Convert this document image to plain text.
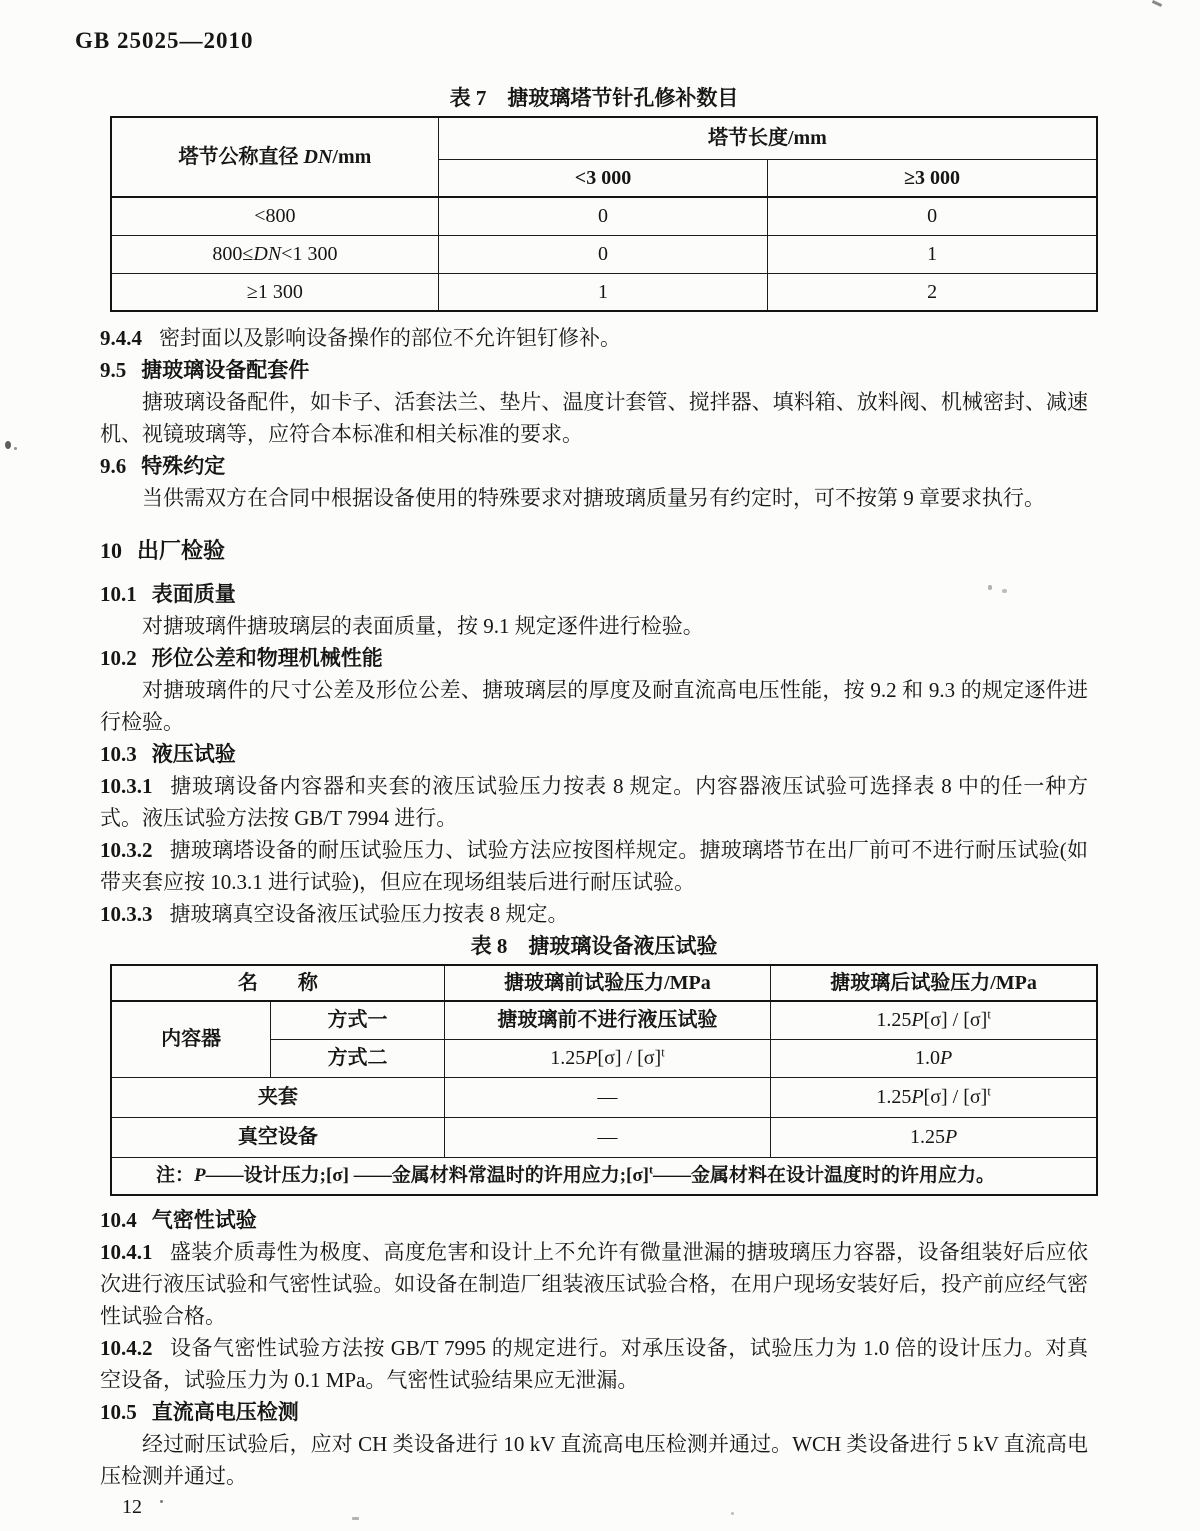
GB 25025—2010

表 7　搪玻璃塔节针孔修补数目

塔节公称直径 DN/mm	塔节长度/mm	
	<3 000	≥3 000
<800	0	0
800≤DN<1 300	0	1
≥1 300	1	2

9.4.4 密封面以及影响设备操作的部位不允许钽钉修补。

9.5 搪玻璃设备配套件

搪玻璃设备配件，如卡子、活套法兰、垫片、温度计套管、搅拌器、填料箱、放料阀、机械密封、减速机、视镜玻璃等，应符合本标准和相关标准的要求。

9.6 特殊约定

当供需双方在合同中根据设备使用的特殊要求对搪玻璃质量另有约定时，可不按第 9 章要求执行。

10 出厂检验

10.1 表面质量

对搪玻璃件搪玻璃层的表面质量，按 9.1 规定逐件进行检验。

10.2 形位公差和物理机械性能

对搪玻璃件的尺寸公差及形位公差、搪玻璃层的厚度及耐直流高电压性能，按 9.2 和 9.3 的规定逐件进行检验。

10.3 液压试验

10.3.1 搪玻璃设备内容器和夹套的液压试验压力按表 8 规定。内容器液压试验可选择表 8 中的任一种方式。液压试验方法按 GB/T 7994 进行。

10.3.2 搪玻璃塔设备的耐压试验压力、试验方法应按图样规定。搪玻璃塔节在出厂前可不进行耐压试验(如带夹套应按 10.3.1 进行试验)，但应在现场组装后进行耐压试验。

10.3.3 搪玻璃真空设备液压试验压力按表 8 规定。

表 8　搪玻璃设备液压试验

名　　称		搪玻璃前试验压力/MPa	搪玻璃后试验压力/MPa
内容器	方式一	搪玻璃前不进行液压试验	$1.25P[\sigma] / [\sigma]^t$
	方式二	$1.25P[\sigma] / [\sigma]^t$	1.0P
夹套		—	$1.25P[\sigma] / [\sigma]^t$
真空设备		—	1.25P
注：P——设计压力;[σ] ——金属材料常温时的许用应力$;[\sigma]^t——$金属材料在设计温度时的许用应力。			

10.4 气密性试验

10.4.1 盛装介质毒性为极度、高度危害和设计上不允许有微量泄漏的搪玻璃压力容器，设备组装好后应依次进行液压试验和气密性试验。如设备在制造厂组装液压试验合格，在用户现场安装好后，投产前应经气密性试验合格。

10.4.2 设备气密性试验方法按 GB/T 7995 的规定进行。对承压设备，试验压力为 1.0 倍的设计压力。对真空设备，试验压力为 0.1 MPa。气密性试验结果应无泄漏。

10.5 直流高电压检测

经过耐压试验后，应对 CH 类设备进行 10 kV 直流高电压检测并通过。WCH 类设备进行 5 kV 直流高电压检测并通过。

12
